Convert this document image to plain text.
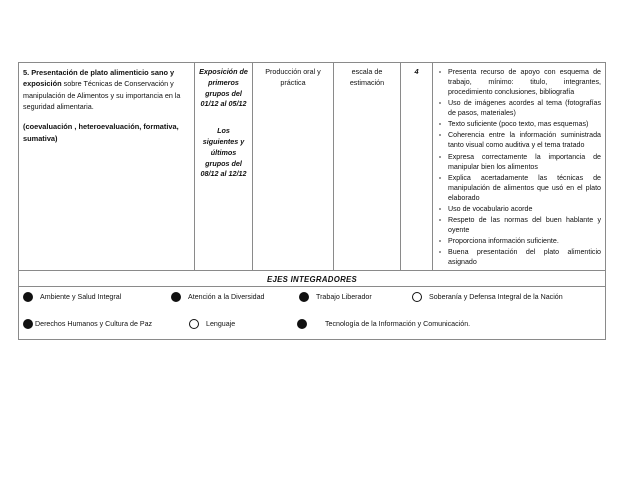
5. Presentación de plato alimenticio sano y exposición sobre Técnicas de Conservación y manipulación de Alimentos y su importancia en la seguridad alimentaria.
(coevaluación , heteroevaluación, formativa, sumativa)
	Exposición de primeros grupos del 01/12 al 05/12
Los siguientes y últimos grupos del 08/12 al 12/12
	Producción oral y práctica	escala de estimación	4	Presenta recurso de apoyo con esquema de trabajo, mínimo: titulo, integrantes, procedimiento conclusiones, bibliografía
Uso de imágenes acordes al tema (fotografías de pasos, materiales)
Texto suficiente (poco texto, mas esquemas)
Coherencia entre la información suministrada tanto visual como auditiva y el tema tratado
Expresa correctamente la importancia de manipular bien los alimentos
Explica acertadamente las técnicas de manipulación de alimentos que usó en el plato elaborado
Uso de vocabulario acorde
Respeto de las normas del buen hablante y oyente
Proporciona información suficiente.
Buena presentación del plato alimenticio asignado

EJES INTEGRADORES

Ambiente y Salud Integral	Atención a la Diversidad	Trabajo Liberador	Soberanía y Defensa Integral de la Nación
Derechos Humanos y Cultura de Paz	Lenguaje	Tecnología de la Información y Comunicación.
